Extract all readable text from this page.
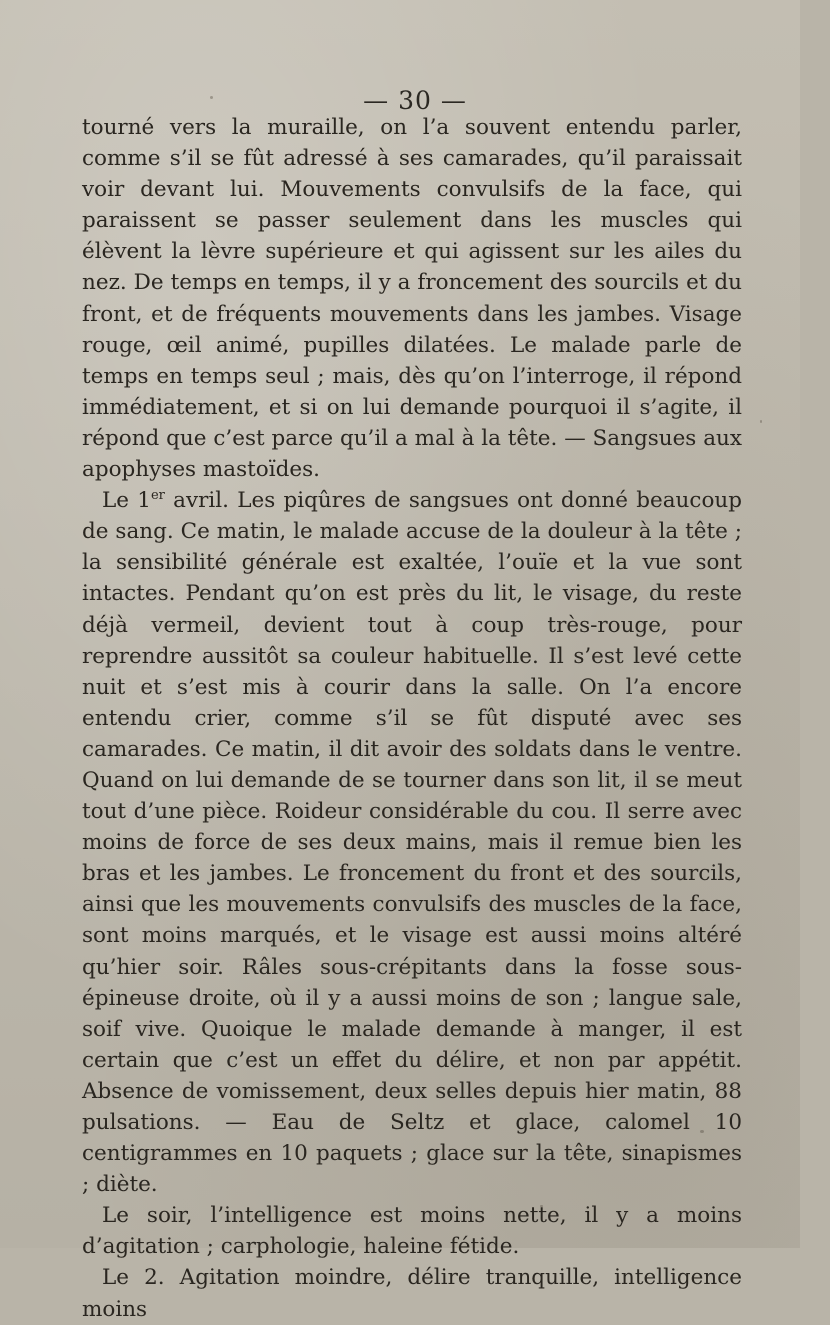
— 30 —

tourné vers la muraille, on l’a souvent entendu parler, comme s’il se fût adressé à ses camarades, qu’il paraissait voir devant lui. Mouvements convulsifs de la face, qui paraissent se passer seulement dans les muscles qui élèvent la lèvre supérieure et qui agissent sur les ailes du nez. De temps en temps, il y a froncement des sourcils et du front, et de fréquents mouvements dans les jambes. Visage rouge, œil animé, pupilles dilatées. Le malade parle de temps en temps seul ; mais, dès qu’on l’interroge, il répond immédiatement, et si on lui demande pourquoi il s’agite, il répond que c’est parce qu’il a mal à la tête. — Sangsues aux apophyses mastoïdes.

Le 1er avril. Les piqûres de sangsues ont donné beaucoup de sang. Ce matin, le malade accuse de la douleur à la tête ; la sensibilité générale est exaltée, l’ouïe et la vue sont intactes. Pendant qu’on est près du lit, le visage, du reste déjà vermeil, devient tout à coup très-rouge, pour reprendre aussitôt sa couleur habituelle. Il s’est levé cette nuit et s’est mis à courir dans la salle. On l’a encore entendu crier, comme s’il se fût disputé avec ses camarades. Ce matin, il dit avoir des soldats dans le ventre. Quand on lui demande de se tourner dans son lit, il se meut tout d’une pièce. Roideur considérable du cou. Il serre avec moins de force de ses deux mains, mais il remue bien les bras et les jambes. Le froncement du front et des sourcils, ainsi que les mouvements convulsifs des muscles de la face, sont moins marqués, et le visage est aussi moins altéré qu’hier soir. Râles sous-crépitants dans la fosse sous-épineuse droite, où il y a aussi moins de son ; langue sale, soif vive. Quoique le malade demande à manger, il est certain que c’est un effet du délire, et non par appétit. Absence de vomissement, deux selles depuis hier matin, 88 pulsations. — Eau de Seltz et glace, calomel 10 centigrammes en 10 paquets ; glace sur la tête, sinapismes ; diète.

Le soir, l’intelligence est moins nette, il y a moins d’agitation ; carphologie, haleine fétide.

Le 2. Agitation moindre, délire tranquille, intelligence moins
